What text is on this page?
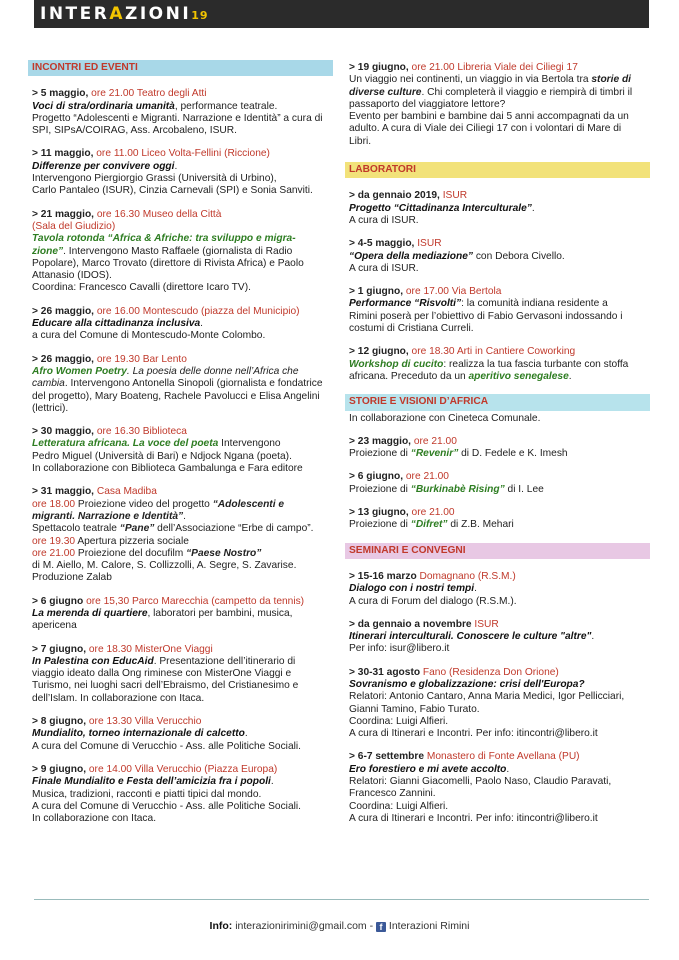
INTERAZIONI19
INCONTRI ED EVENTI
> 5 maggio, ore 21.00 Teatro degli Atti
Voci di stra/ordinaria umanità, performance teatrale.
Progetto “Adolescenti e Migranti. Narrazione e Identità” a cura di
SPI, SIPsA/COIRAG, Ass. Arcobaleno, ISUR.
> 11 maggio, ore 11.00 Liceo Volta-Fellini (Riccione)
Differenze per convivere oggi.
Intervengono Piergiorgio Grassi (Università di Urbino),
Carlo Pantaleo (ISUR), Cinzia Carnevali (SPI) e Sonia Sanviti.
> 21 maggio, ore 16.30 Museo della Città
(Sala del Giudizio)
Tavola rotonda “Africa & Afriche: tra sviluppo e migra-
zione”. Intervengono Masto Raffaele (giornalista di Radio
Popolare), Marco Trovato (direttore di Rivista Africa) e Paolo
Attanasio (IDOS).
Coordina: Francesco Cavalli (direttore Icaro TV).
> 26 maggio, ore 16.00 Montescudo (piazza del Municipio)
Educare alla cittadinanza inclusiva.
a cura del Comune di Montescudo-Monte Colombo.
> 26 maggio, ore 19.30 Bar Lento
Afro Women Poetry. La poesia delle donne nell’Africa che
cambia. Intervengono Antonella Sinopoli (giornalista e fondatrice
del progetto), Mary Boateng, Rachele Pavolucci e Elisa Angelini
(lettrici).
> 30 maggio, ore 16.30 Biblioteca
Letteratura africana. La voce del poeta Intervengono
Pedro Miguel (Università di Bari) e Ndjock Ngana (poeta).
In collaborazione con Biblioteca Gambalunga e Fara editore
> 31 maggio, Casa Madiba
ore 18.00 Proiezione video del progetto “Adolescenti e
migranti. Narrazione e Identità”.
Spettacolo teatrale “Pane” dell’Associazione “Erbe di campo”.
ore 19.30 Apertura pizzeria sociale
ore 21.00 Proiezione del docufilm “Paese Nostro”
di M. Aiello, M. Calore, S. Collizzolli, A. Segre, S. Zavarise.
Produzione Zalab
> 6 giugno ore 15,30 Parco Marecchia (campetto da tennis)
La merenda di quartiere, laboratori per bambini, musica,
apericena
> 7 giugno, ore 18.30 MisterOne Viaggi
In Palestina con EducAid. Presentazione dell’itinerario di
viaggio ideato dalla Ong riminese con MisterOne Viaggi e
Turismo, nei luoghi sacri dell’Ebraismo, del Cristianesimo e
dell’Islam. In collaborazione con Itaca.
> 8 giugno, ore 13.30 Villa Verucchio
Mundialito, torneo internazionale di calcetto.
A cura del Comune di Verucchio - Ass. alle Politiche Sociali.
> 9 giugno, ore 14.00 Villa Verucchio (Piazza Europa)
Finale Mundialito e Festa dell’amicizia fra i popoli.
Musica, tradizioni, racconti e piatti tipici dal mondo.
A cura del Comune di Verucchio - Ass. alle Politiche Sociali.
In collaborazione con Itaca.
> 19 giugno, ore 21.00 Libreria Viale dei Ciliegi 17
Un viaggio nei continenti, un viaggio in via Bertola tra storie di
diverse culture. Chi completerà il viaggio e riempirà di timbri il
passaporto del viaggiatore lettore?
Evento per bambini e bambine dai 5 anni accompagnati da un
adulto. A cura di Viale dei Ciliegi 17 con i volontari di Mare di
Libri.
LABORATORI
> da gennaio 2019, ISUR
Progetto “Cittadinanza Interculturale”.
A cura di ISUR.
> 4-5 maggio, ISUR
“Opera della mediazione” con Debora Civello.
A cura di ISUR.
> 1 giugno, ore 17.00 Via Bertola
Performance “Risvolti”: la comunità indiana residente a
Rimini poserà per l’obiettivo di Fabio Gervasoni indossando i
costumi di Cristiana Curreli.
> 12 giugno, ore 18.30 Arti in Cantiere Coworking
Workshop di cucito: realizza la tua fascia turbante con stoffa
africana. Preceduto da un aperitivo senegalese.
STORIE E VISIONI D’AFRICA
In collaborazione con Cineteca Comunale.
> 23 maggio, ore 21.00
Proiezione di “Revenir” di D. Fedele e K. Imesh
> 6 giugno, ore 21.00
Proiezione di “Burkinabè Rising” di I. Lee
> 13 giugno, ore 21.00
Proiezione di “Difret” di Z.B. Mehari
SEMINARI E CONVEGNI
> 15-16 marzo Domagnano (R.S.M.)
Dialogo con i nostri tempi.
A cura di Forum del dialogo (R.S.M.).
> da gennaio a novembre ISUR
Itinerari interculturali. Conoscere le culture "altre".
Per info: isur@libero.it
> 30-31 agosto Fano (Residenza Don Orione)
Sovranismo e globalizzazione: crisi dell'Europa?
Relatori: Antonio Cantaro, Anna Maria Medici, Igor Pellicciari,
Gianni Tamino, Fabio Turato.
Coordina: Luigi Alfieri.
A cura di Itinerari e Incontri. Per info: itincontri@libero.it
> 6-7 settembre Monastero di Fonte Avellana (PU)
Ero forestiero e mi avete accolto.
Relatori: Gianni Giacomelli, Paolo Naso, Claudio Paravati,
Francesco Zannini.
Coordina: Luigi Alfieri.
A cura di Itinerari e Incontri. Per info: itincontri@libero.it
Info: interazionirimini@gmail.com - f Interazioni Rimini
